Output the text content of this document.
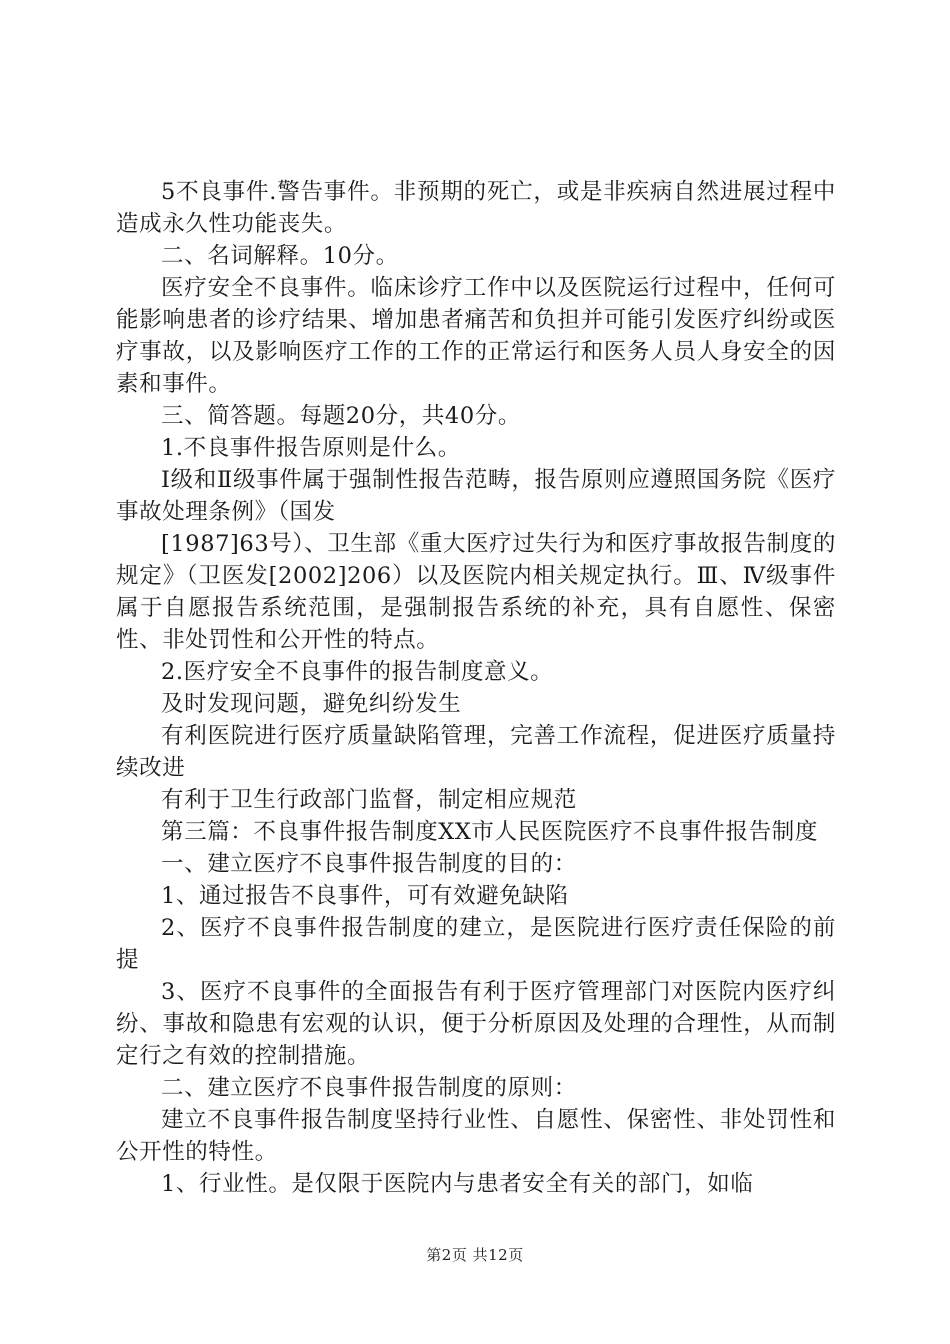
5不良事件.警告事件。非预期的死亡，或是非疾病自然进展过程中造成永久性功能丧失。

二、名词解释。10分。

医疗安全不良事件。临床诊疗工作中以及医院运行过程中，任何可能影响患者的诊疗结果、增加患者痛苦和负担并可能引发医疗纠纷或医疗事故，以及影响医疗工作的工作的正常运行和医务人员人身安全的因素和事件。

三、简答题。每题20分，共40分。

1.不良事件报告原则是什么。

Ⅰ级和Ⅱ级事件属于强制性报告范畴，报告原则应遵照国务院《医疗事故处理条例》（国发

[1987]63号）、卫生部《重大医疗过失行为和医疗事故报告制度的规定》（卫医发[2002]206）以及医院内相关规定执行。Ⅲ、Ⅳ级事件属于自愿报告系统范围，是强制报告系统的补充，具有自愿性、保密性、非处罚性和公开性的特点。

2.医疗安全不良事件的报告制度意义。

及时发现问题，避免纠纷发生

有利医院进行医疗质量缺陷管理，完善工作流程，促进医疗质量持续改进

有利于卫生行政部门监督，制定相应规范

第三篇：不良事件报告制度XX市人民医院医疗不良事件报告制度

一、建立医疗不良事件报告制度的目的：

1、通过报告不良事件，可有效避免缺陷

2、医疗不良事件报告制度的建立，是医院进行医疗责任保险的前提

3、医疗不良事件的全面报告有利于医疗管理部门对医院内医疗纠纷、事故和隐患有宏观的认识，便于分析原因及处理的合理性，从而制定行之有效的控制措施。

二、建立医疗不良事件报告制度的原则：

建立不良事件报告制度坚持行业性、自愿性、保密性、非处罚性和公开性的特性。

1、行业性。是仅限于医院内与患者安全有关的部门，如临

第2页 共12页
